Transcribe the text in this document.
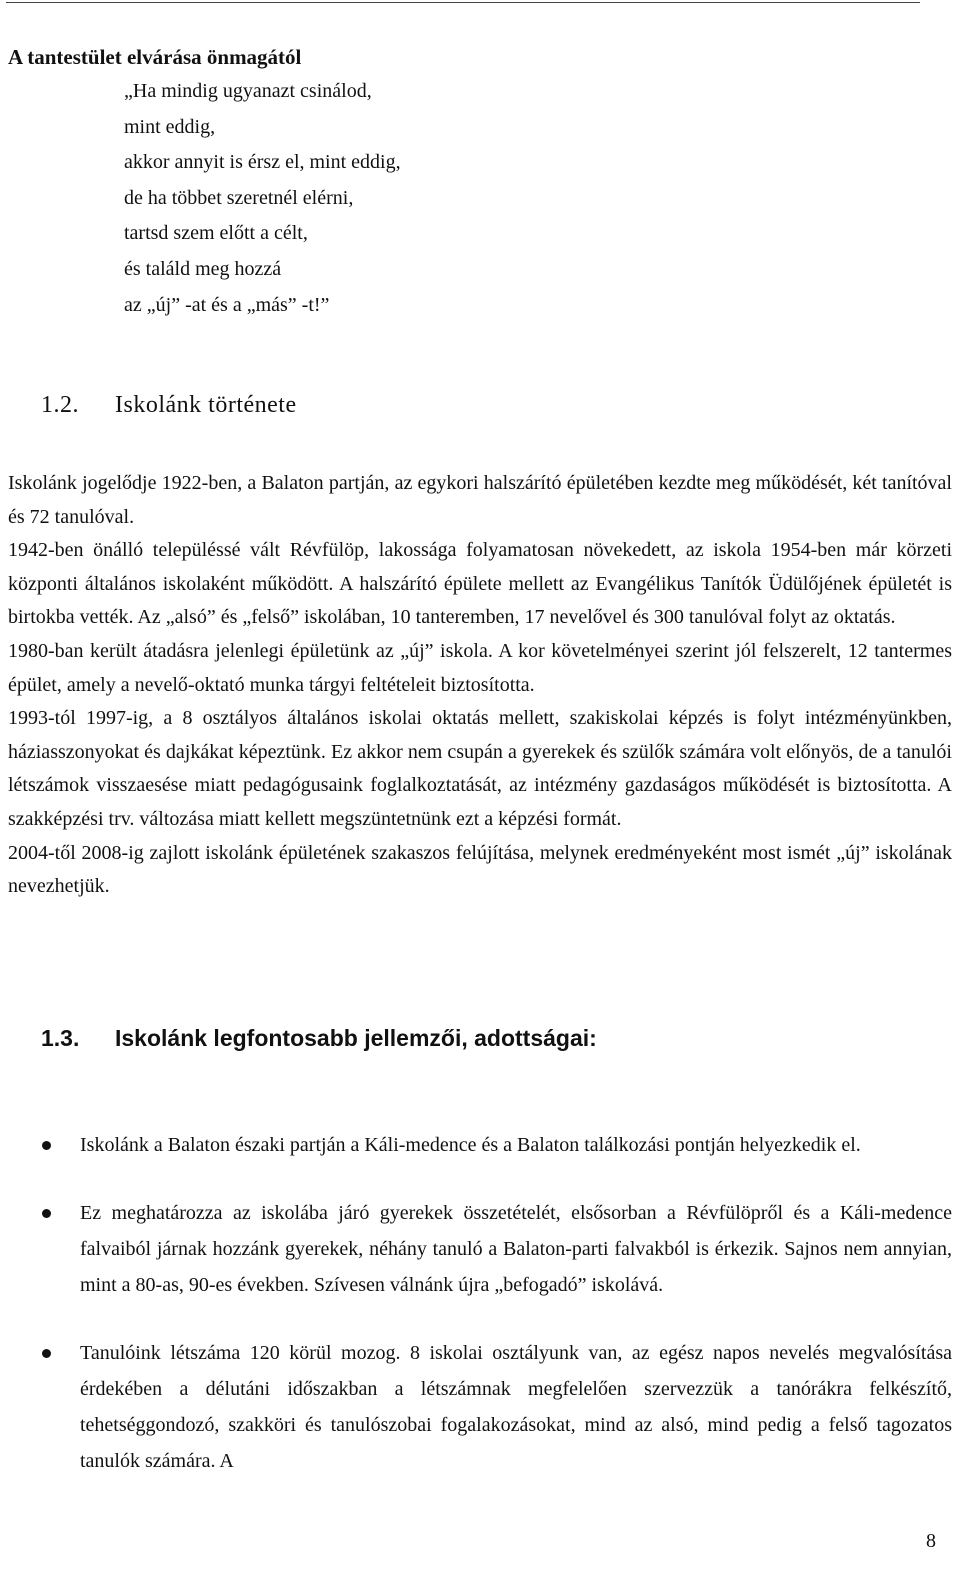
A tantestület elvárása önmagától
„Ha mindig ugyanazt csinálod,
mint eddig,
akkor annyit is érsz el, mint eddig,
de ha többet szeretnél elérni,
tartsd szem előtt a célt,
és találd meg hozzá
az „új” -at és a „más” -t!”
1.2. Iskolánk története

Iskolánk jogelődje 1922-ben, a Balaton partján, az egykori halszárító épületében kezdte meg működését, két tanítóval és 72 tanulóval.

1942-ben önálló településsé vált Révfülöp, lakossága folyamatosan növekedett, az iskola 1954-ben már körzeti központi általános iskolaként működött. A halszárító épülete mellett az Evangélikus Tanítók Üdülőjének épületét is birtokba vették. Az „alsó” és „felső” iskolában, 10 tanteremben, 17 nevelővel és 300 tanulóval folyt az oktatás.

1980-ban került átadásra jelenlegi épületünk az „új” iskola. A kor követelményei szerint jól felszerelt, 12 tantermes épület, amely a nevelő-oktató munka tárgyi feltételeit biztosította.

1993-tól 1997-ig, a 8 osztályos általános iskolai oktatás mellett, szakiskolai képzés is folyt intézményünkben, háziasszonyokat és dajkákat képeztünk. Ez akkor nem csupán a gyerekek és szülők számára volt előnyös, de a tanulói létszámok visszaesése miatt pedagógusaink foglalkoztatását, az intézmény gazdaságos működését is biztosította. A szakképzési trv. változása miatt kellett megszüntetnünk ezt a képzési formát.

2004-től 2008-ig zajlott iskolánk épületének szakaszos felújítása, melynek eredményeként most ismét „új” iskolának nevezhetjük.

1.3. Iskolánk legfontosabb jellemzői, adottságai:
Iskolánk a Balaton északi partján a Káli-medence és a Balaton találkozási pontján helyezkedik el.
Ez meghatározza az iskolába járó gyerekek összetételét, elsősorban a Révfülöpről és a Káli-medence falvaiból járnak hozzánk gyerekek, néhány tanuló a Balaton-parti falvakból is érkezik. Sajnos nem annyian, mint a 80-as, 90-es években. Szívesen válnánk újra „befogadó” iskolává.
Tanulóink létszáma 120 körül mozog. 8 iskolai osztályunk van, az egész napos nevelés megvalósítása érdekében a délutáni időszakban a létszámnak megfelelően szervezzük a tanórákra felkészítő, tehetséggondozó, szakköri és tanulószobai fogalakozásokat, mind az alsó, mind pedig a felső tagozatos tanulók számára. A
8
